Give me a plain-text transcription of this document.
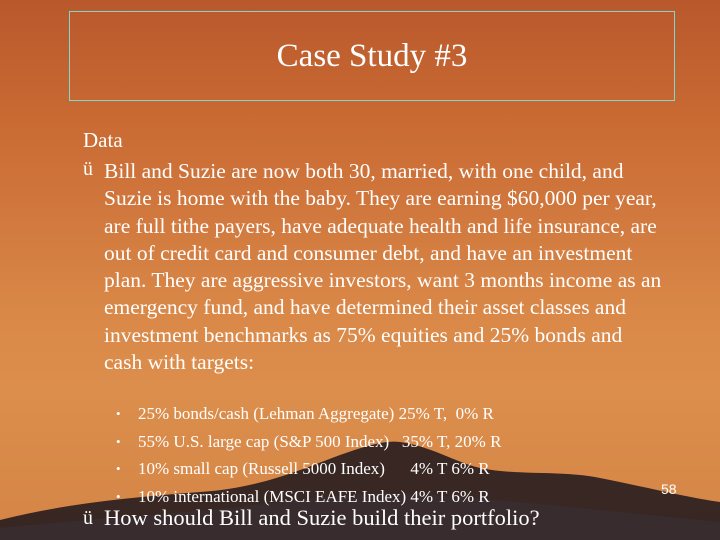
Case Study #3
Data
ü Bill and Suzie are now both 30, married, with one child, and Suzie is home with the baby. They are earning $60,000 per year, are full tithe payers, have adequate health and life insurance, are out of credit card and consumer debt, and have an investment plan. They are aggressive investors, want 3 months income as an emergency fund, and have determined their asset classes and investment benchmarks as 75% equities and 25% bonds and cash with targets:
•	25% bonds/cash (Lehman Aggregate) 25% T,  0% R
•	55% U.S. large cap (S&P 500 Index)   35% T, 20% R
•	10% small cap (Russell 5000 Index)      4% T 6% R
•	10% international (MSCI EAFE Index) 4% T 6% R
ü How should Bill and Suzie build their portfolio?
58
